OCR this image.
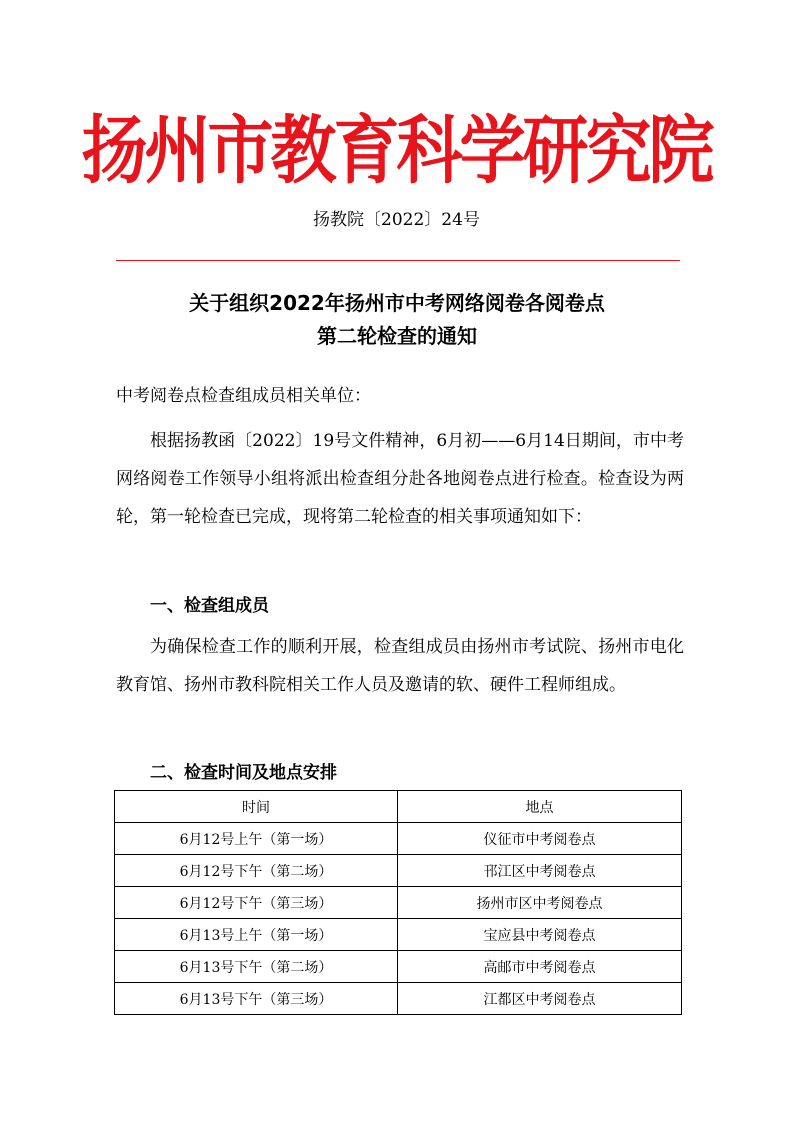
扬州市教育科学研究院
扬教院〔2022〕24号
关于组织2022年扬州市中考网络阅卷各阅卷点
第二轮检查的通知
中考阅卷点检查组成员相关单位：
根据扬教函〔2022〕19号文件精神，6月初——6月14日期间，市中考网络阅卷工作领导小组将派出检查组分赴各地阅卷点进行检查。检查设为两轮，第一轮检查已完成，现将第二轮检查的相关事项通知如下：
一、检查组成员
为确保检查工作的顺利开展，检查组成员由扬州市考试院、扬州市电化教育馆、扬州市教科院相关工作人员及邀请的软、硬件工程师组成。
二、检查时间及地点安排
时间	地点
6月12号上午（第一场）	仪征市中考阅卷点
6月12号下午（第二场）	邗江区中考阅卷点
6月12号下午（第三场）	扬州市区中考阅卷点
6月13号上午（第一场）	宝应县中考阅卷点
6月13号下午（第二场）	高邮市中考阅卷点
6月13号下午（第三场）	江都区中考阅卷点
